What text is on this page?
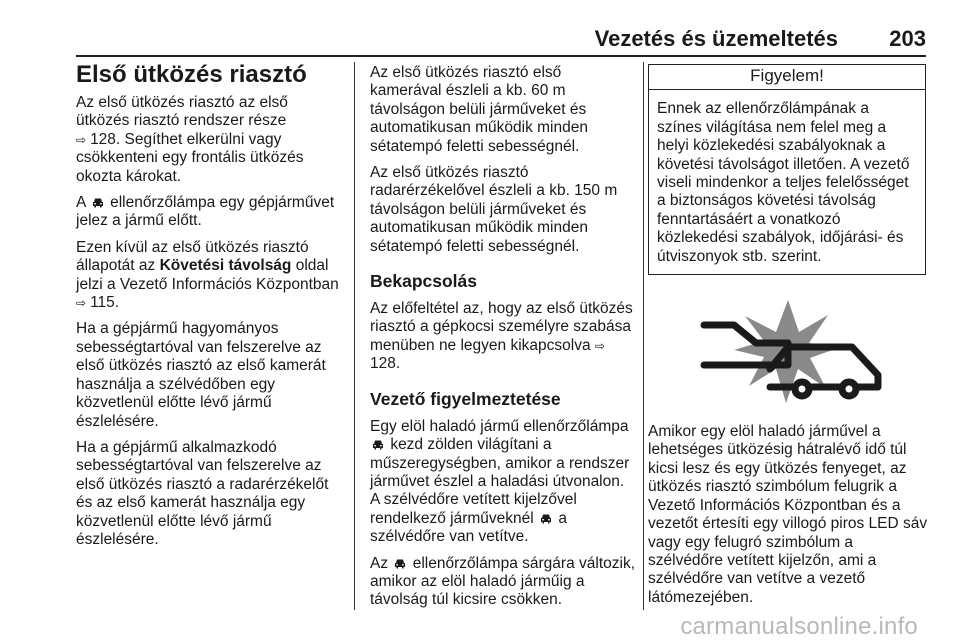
Vezetés és üzemeltetés 203
Első ütközés riasztó

Az első ütközés riasztó az első ütközés riasztó rendszer része
⇨ 128. Segíthet elkerülni vagy csökkenteni egy frontális ütközés okozta károkat.

A ellenőrzőlámpa egy gépjárművet jelez a jármű előtt.

Ezen kívül az első ütközés riasztó állapotát az Követési távolság oldal jelzi a Vezető Információs Központban ⇨ 115.

Ha a gépjármű hagyományos sebességtartóval van felszerelve az első ütközés riasztó az első kamerát használja a szélvédőben egy közvetlenül előtte lévő jármű észlelésére.

Ha a gépjármű alkalmazkodó sebességtartóval van felszerelve az első ütközés riasztó a radarérzékelőt és az első kamerát használja egy közvetlenül előtte lévő jármű észlelésére.

Az első ütközés riasztó első kamerával észleli a kb. 60 m távolságon belüli járműveket és automatikusan működik minden sétatempó feletti sebességnél.

Az első ütközés riasztó radarérzékelővel észleli a kb. 150 m távolságon belüli járműveket és automatikusan működik minden sétatempó feletti sebességnél.

Bekapcsolás

Az előfeltétel az, hogy az első ütközés riasztó a gépkocsi személyre szabása menüben ne legyen kikapcsolva ⇨128.

Vezető figyelmeztetése

Egy elöl haladó jármű ellenőrzőlámpa
kezd zölden világítani a műszeregységben, amikor a rendszer járművet észlel a haladási útvonalon. A szélvédőre vetített kijelzővel rendelkező járműveknél a szélvédőre van vetítve.

Az ellenőrzőlámpa sárgára változik, amikor az elöl haladó járműig a távolság túl kicsire csökken.

Figyelem!
Ennek az ellenőrzőlámpának a színes világítása nem felel meg a helyi közlekedési szabályoknak a követési távolságot illetően. A vezető viseli mindenkor a teljes felelősséget a biztonságos követési távolság fenntartásáért a vonatkozó közlekedési szabályok, időjárási- és útviszonyok stb. szerint.

Amikor egy elöl haladó járművel a lehetséges ütközésig hátralévő idő túl kicsi lesz és egy ütközés fenyeget, az ütközés riasztó szimbólum felugrik a Vezető Információs Központban és a vezetőt értesíti egy villogó piros LED sáv vagy egy felugró szimbólum a szélvédőre vetített kijelzőn, ami a szélvédőre van vetítve a vezető látómezejében.

carmanualsonline.info
